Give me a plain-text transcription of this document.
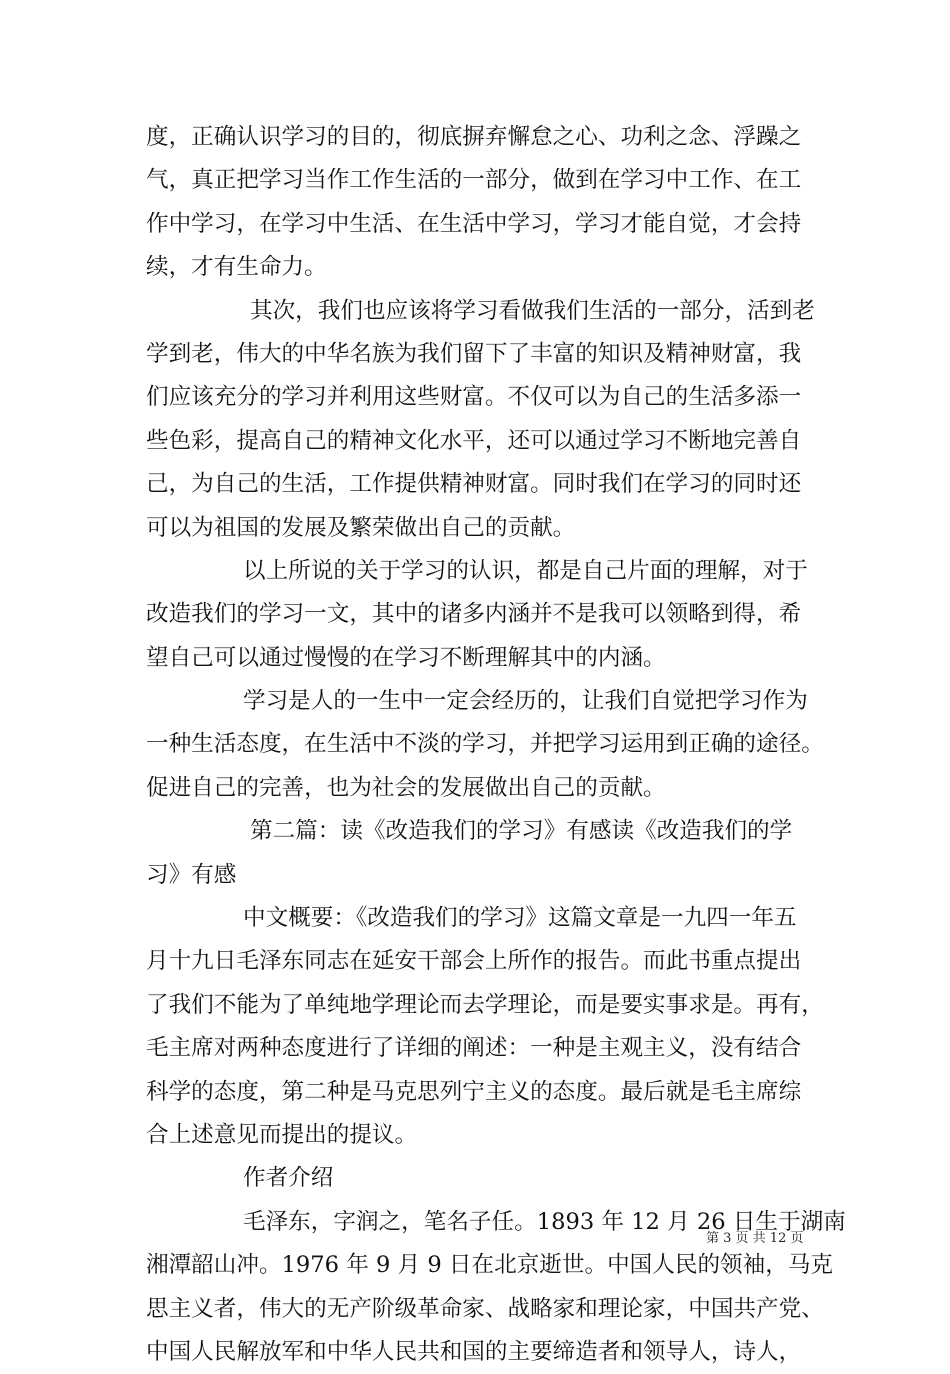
度，正确认识学习的目的，彻底摒弃懈怠之心、功利之念、浮躁之
气，真正把学习当作工作生活的一部分，做到在学习中工作、在工
作中学习，在学习中生活、在生活中学习，学习才能自觉，才会持
续，才有生命力。
其次，我们也应该将学习看做我们生活的一部分，活到老
学到老，伟大的中华名族为我们留下了丰富的知识及精神财富，我
们应该充分的学习并利用这些财富。不仅可以为自己的生活多添一
些色彩，提高自己的精神文化水平，还可以通过学习不断地完善自
己，为自己的生活，工作提供精神财富。同时我们在学习的同时还
可以为祖国的发展及繁荣做出自己的贡献。
以上所说的关于学习的认识，都是自己片面的理解，对于
改造我们的学习一文，其中的诸多内涵并不是我可以领略到得，希
望自己可以通过慢慢的在学习不断理解其中的内涵。
学习是人的一生中一定会经历的，让我们自觉把学习作为
一种生活态度，在生活中不淡的学习，并把学习运用到正确的途径。
促进自己的完善，也为社会的发展做出自己的贡献。
第二篇：读《改造我们的学习》有感读《改造我们的学
习》有感
中文概要：《改造我们的学习》这篇文章是一九四一年五
月十九日毛泽东同志在延安干部会上所作的报告。而此书重点提出
了我们不能为了单纯地学理论而去学理论，而是要实事求是。再有，
毛主席对两种态度进行了详细的阐述：一种是主观主义，没有结合
科学的态度，第二种是马克思列宁主义的态度。最后就是毛主席综
合上述意见而提出的提议。
作者介绍
毛泽东，字润之，笔名子任。1893 年 12 月 26 日生于湖南
湘潭韶山冲。1976 年 9 月 9 日在北京逝世。中国人民的领袖，马克
思主义者，伟大的无产阶级革命家、战略家和理论家，中国共产党、
中国人民解放军和中华人民共和国的主要缔造者和领导人，诗人，
第 3 页 共 12 页
